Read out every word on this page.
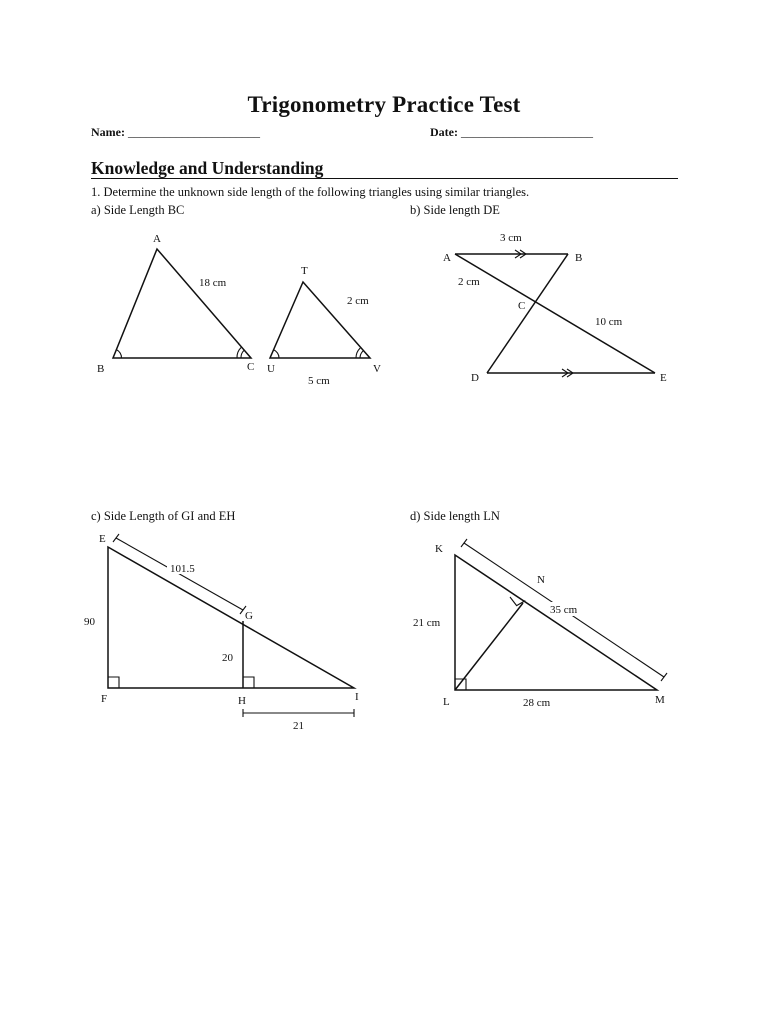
Trigonometry Practice Test
Name: ______________________	Date: ______________________
Knowledge and Understanding
1. Determine the unknown side length of the following triangles using similar triangles.
a) Side Length BC	b) Side length DE
c) Side Length of GI and EH	d) Side length LN
A
B	C
18 cm
T
U	V
2 cm
5 cm
3 cm
A	B
2 cm
C
10 cm
D	E
101.5
E
G
F	H	I
90
20
21
35 cm
K
N
L	M
21 cm
28 cm
